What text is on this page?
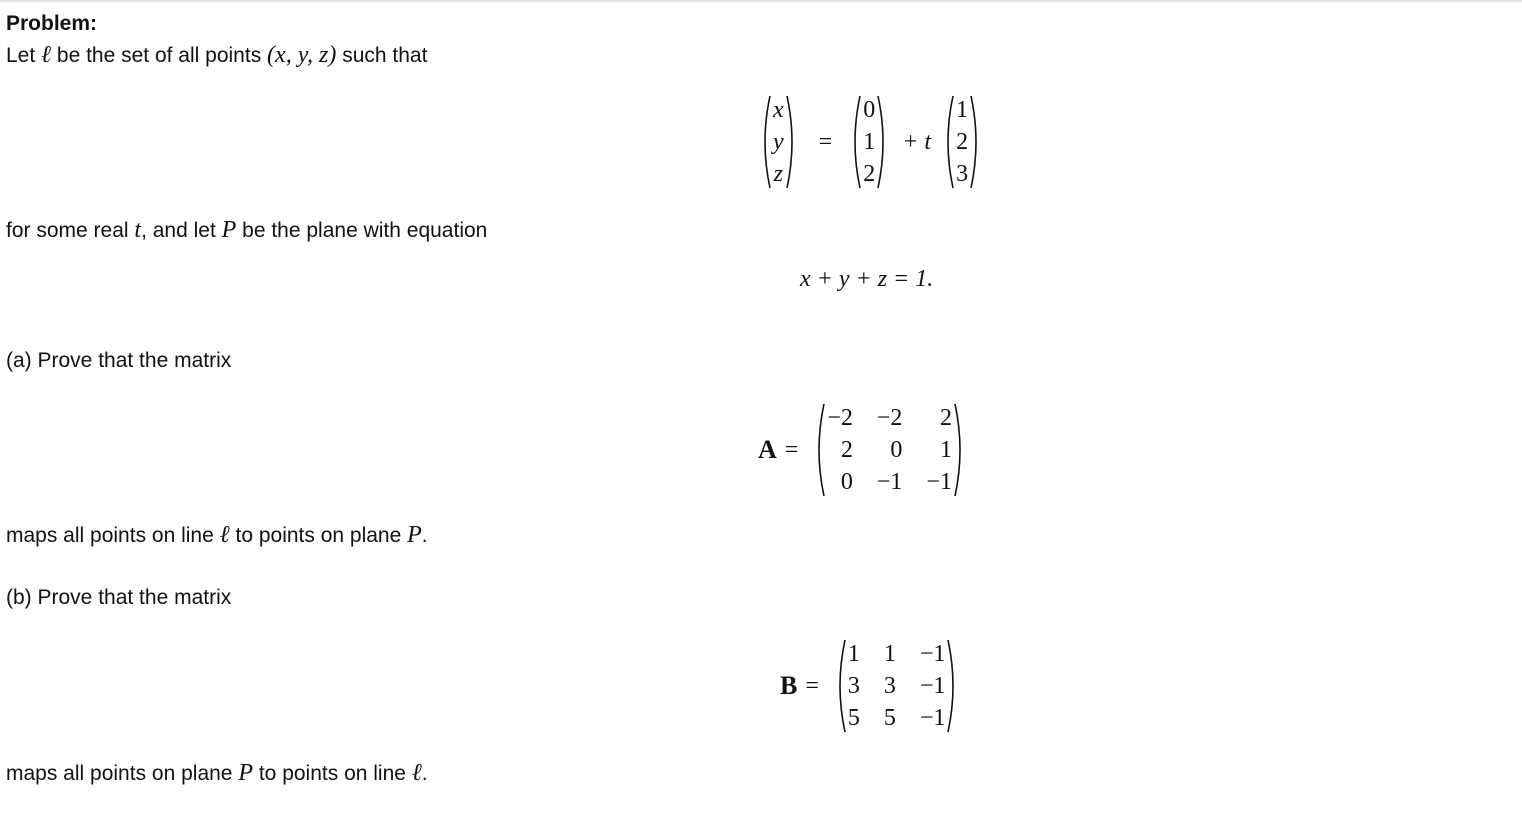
Problem:
Let ℓ be the set of all points (x, y, z) such that
x
y
z
=
0
1
2
+ t
1
2
3
for some real t, and let P be the plane with equation
x + y + z = 1.
(a) Prove that the matrix
A =
−2 −2	2
2	0	1
0 −1 −1
maps all points on line ℓ to points on plane P.
(b) Prove that the matrix
B =
1 1 −1
3 3 −1
5 5 −1
maps all points on plane P to points on line ℓ.
